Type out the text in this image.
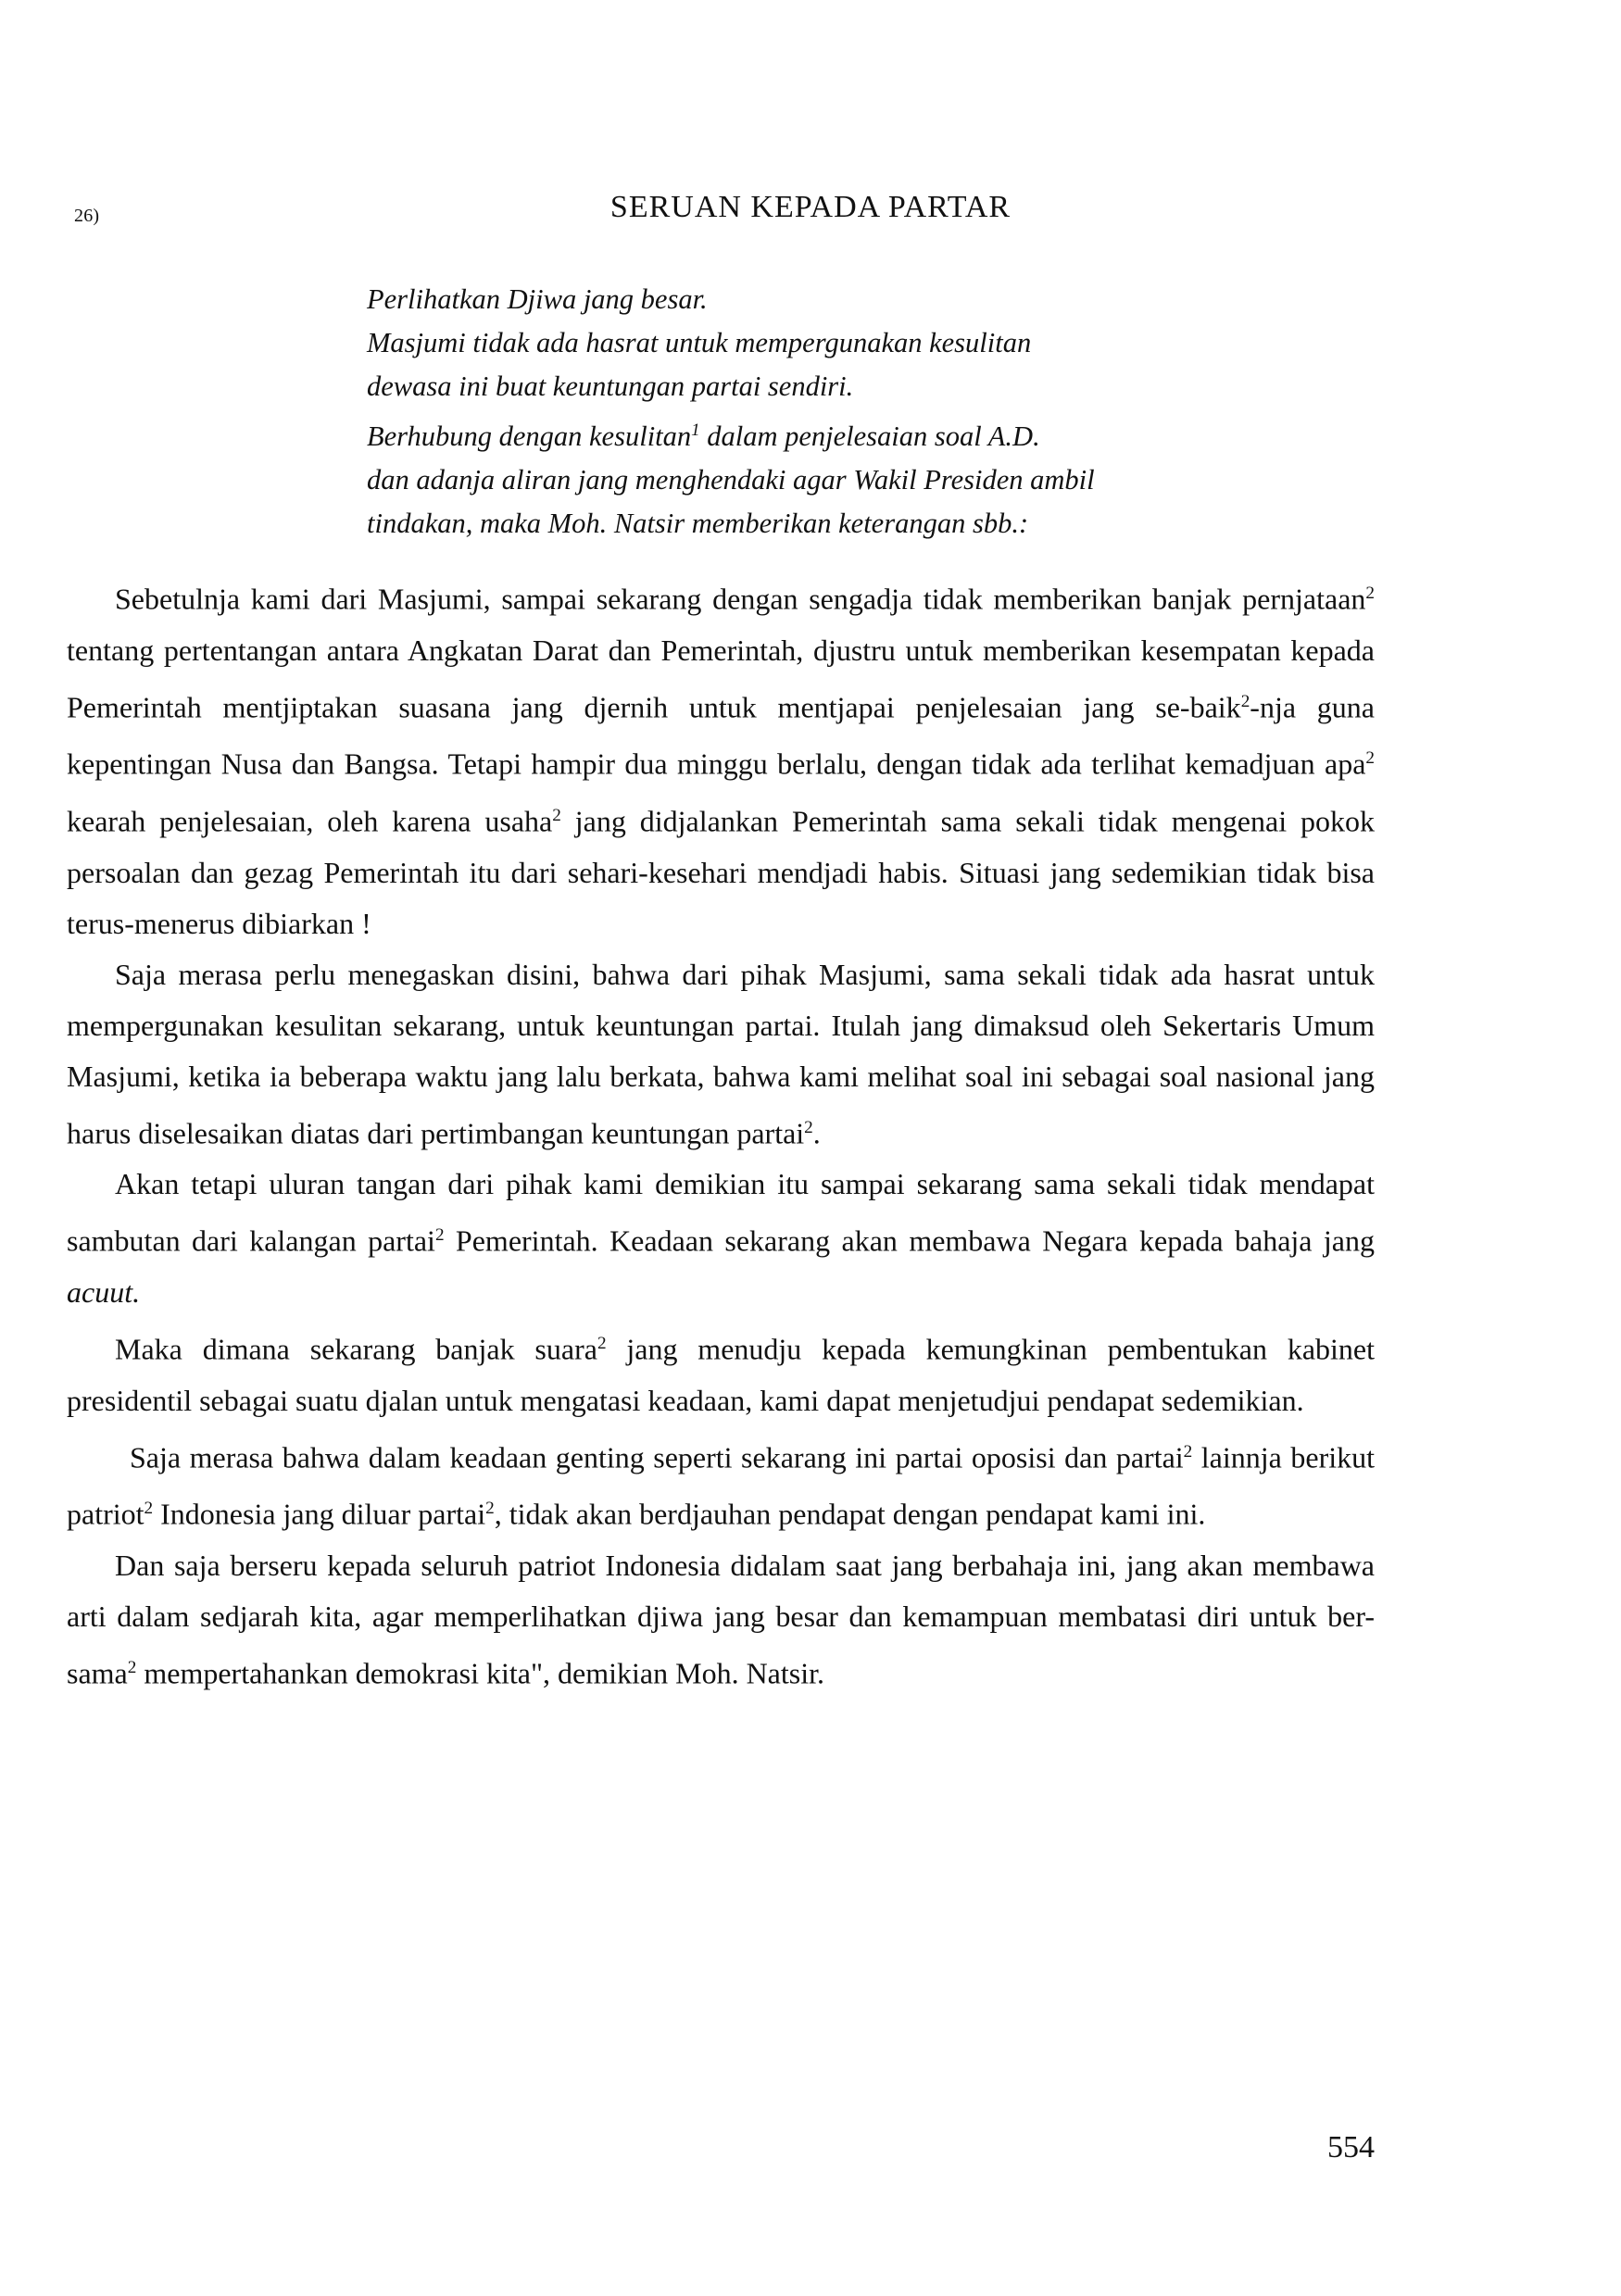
26)	SERUAN KEPADA PARTAR
Perlihatkan Djiwa jang besar.
Masjumi tidak ada hasrat untuk mempergunakan kesulitan
dewasa ini buat keuntungan partai sendiri.
Berhubung dengan kesulitan$^1$ dalam penjelesaian soal A.D.
dan adanja aliran jang menghendaki agar Wakil Presiden ambil
tindakan, maka Moh. Natsir memberikan keterangan sbb.:

Sebetulnja kami dari Masjumi, sampai sekarang dengan sengadja tidak memberikan banjak pernjataan$^2$ tentang pertentangan antara Angkatan Darat dan Pemerintah, djustru untuk memberikan kesempatan kepada Pemerintah mentjiptakan suasana jang djernih untuk mentjapai penjelesaian jang se-baik$^2$-nja guna kepentingan Nusa dan Bangsa. Tetapi hampir dua minggu berlalu, dengan tidak ada terlihat kemadjuan apa$^2$ kearah penjelesaian, oleh karena usaha$^2$ jang didjalankan Pemerintah sama sekali tidak mengenai pokok persoalan dan gezag Pemerintah itu dari sehari-kesehari mendjadi habis. Situasi jang sedemikian tidak bisa terus-menerus dibiarkan !

Saja merasa perlu menegaskan disini, bahwa dari pihak Masjumi, sama sekali tidak ada hasrat untuk mempergunakan kesulitan sekarang, untuk keuntungan partai. Itulah jang dimaksud oleh Sekertaris Umum Masjumi, ketika ia beberapa waktu jang lalu berkata, bahwa kami melihat soal ini sebagai soal nasional jang harus diselesaikan diatas dari pertimbangan keuntungan partai$^2$.

Akan tetapi uluran tangan dari pihak kami demikian itu sampai sekarang sama sekali tidak mendapat sambutan dari kalangan partai$^2$ Pemerintah. Keadaan sekarang akan membawa Negara kepada bahaja jang acuut.

Maka dimana sekarang banjak suara$^2$ jang menudju kepada kemungkinan pembentukan kabinet presidentil sebagai suatu djalan untuk mengatasi keadaan, kami dapat menjetudjui pendapat sedemikian.

Saja merasa bahwa dalam keadaan genting seperti sekarang ini partai oposisi dan partai$^2$ lainnja berikut patriot$^2$ Indonesia jang diluar partai$^2$, tidak akan berdjauhan pendapat dengan pendapat kami ini.

Dan saja berseru kepada seluruh patriot Indonesia didalam saat jang berbahaja ini, jang akan membawa arti dalam sedjarah kita, agar memperlihatkan djiwa jang besar dan kemampuan membatasi diri untuk ber-sama$^2$ mempertahankan demokrasi kita", demikian Moh. Natsir.

554
